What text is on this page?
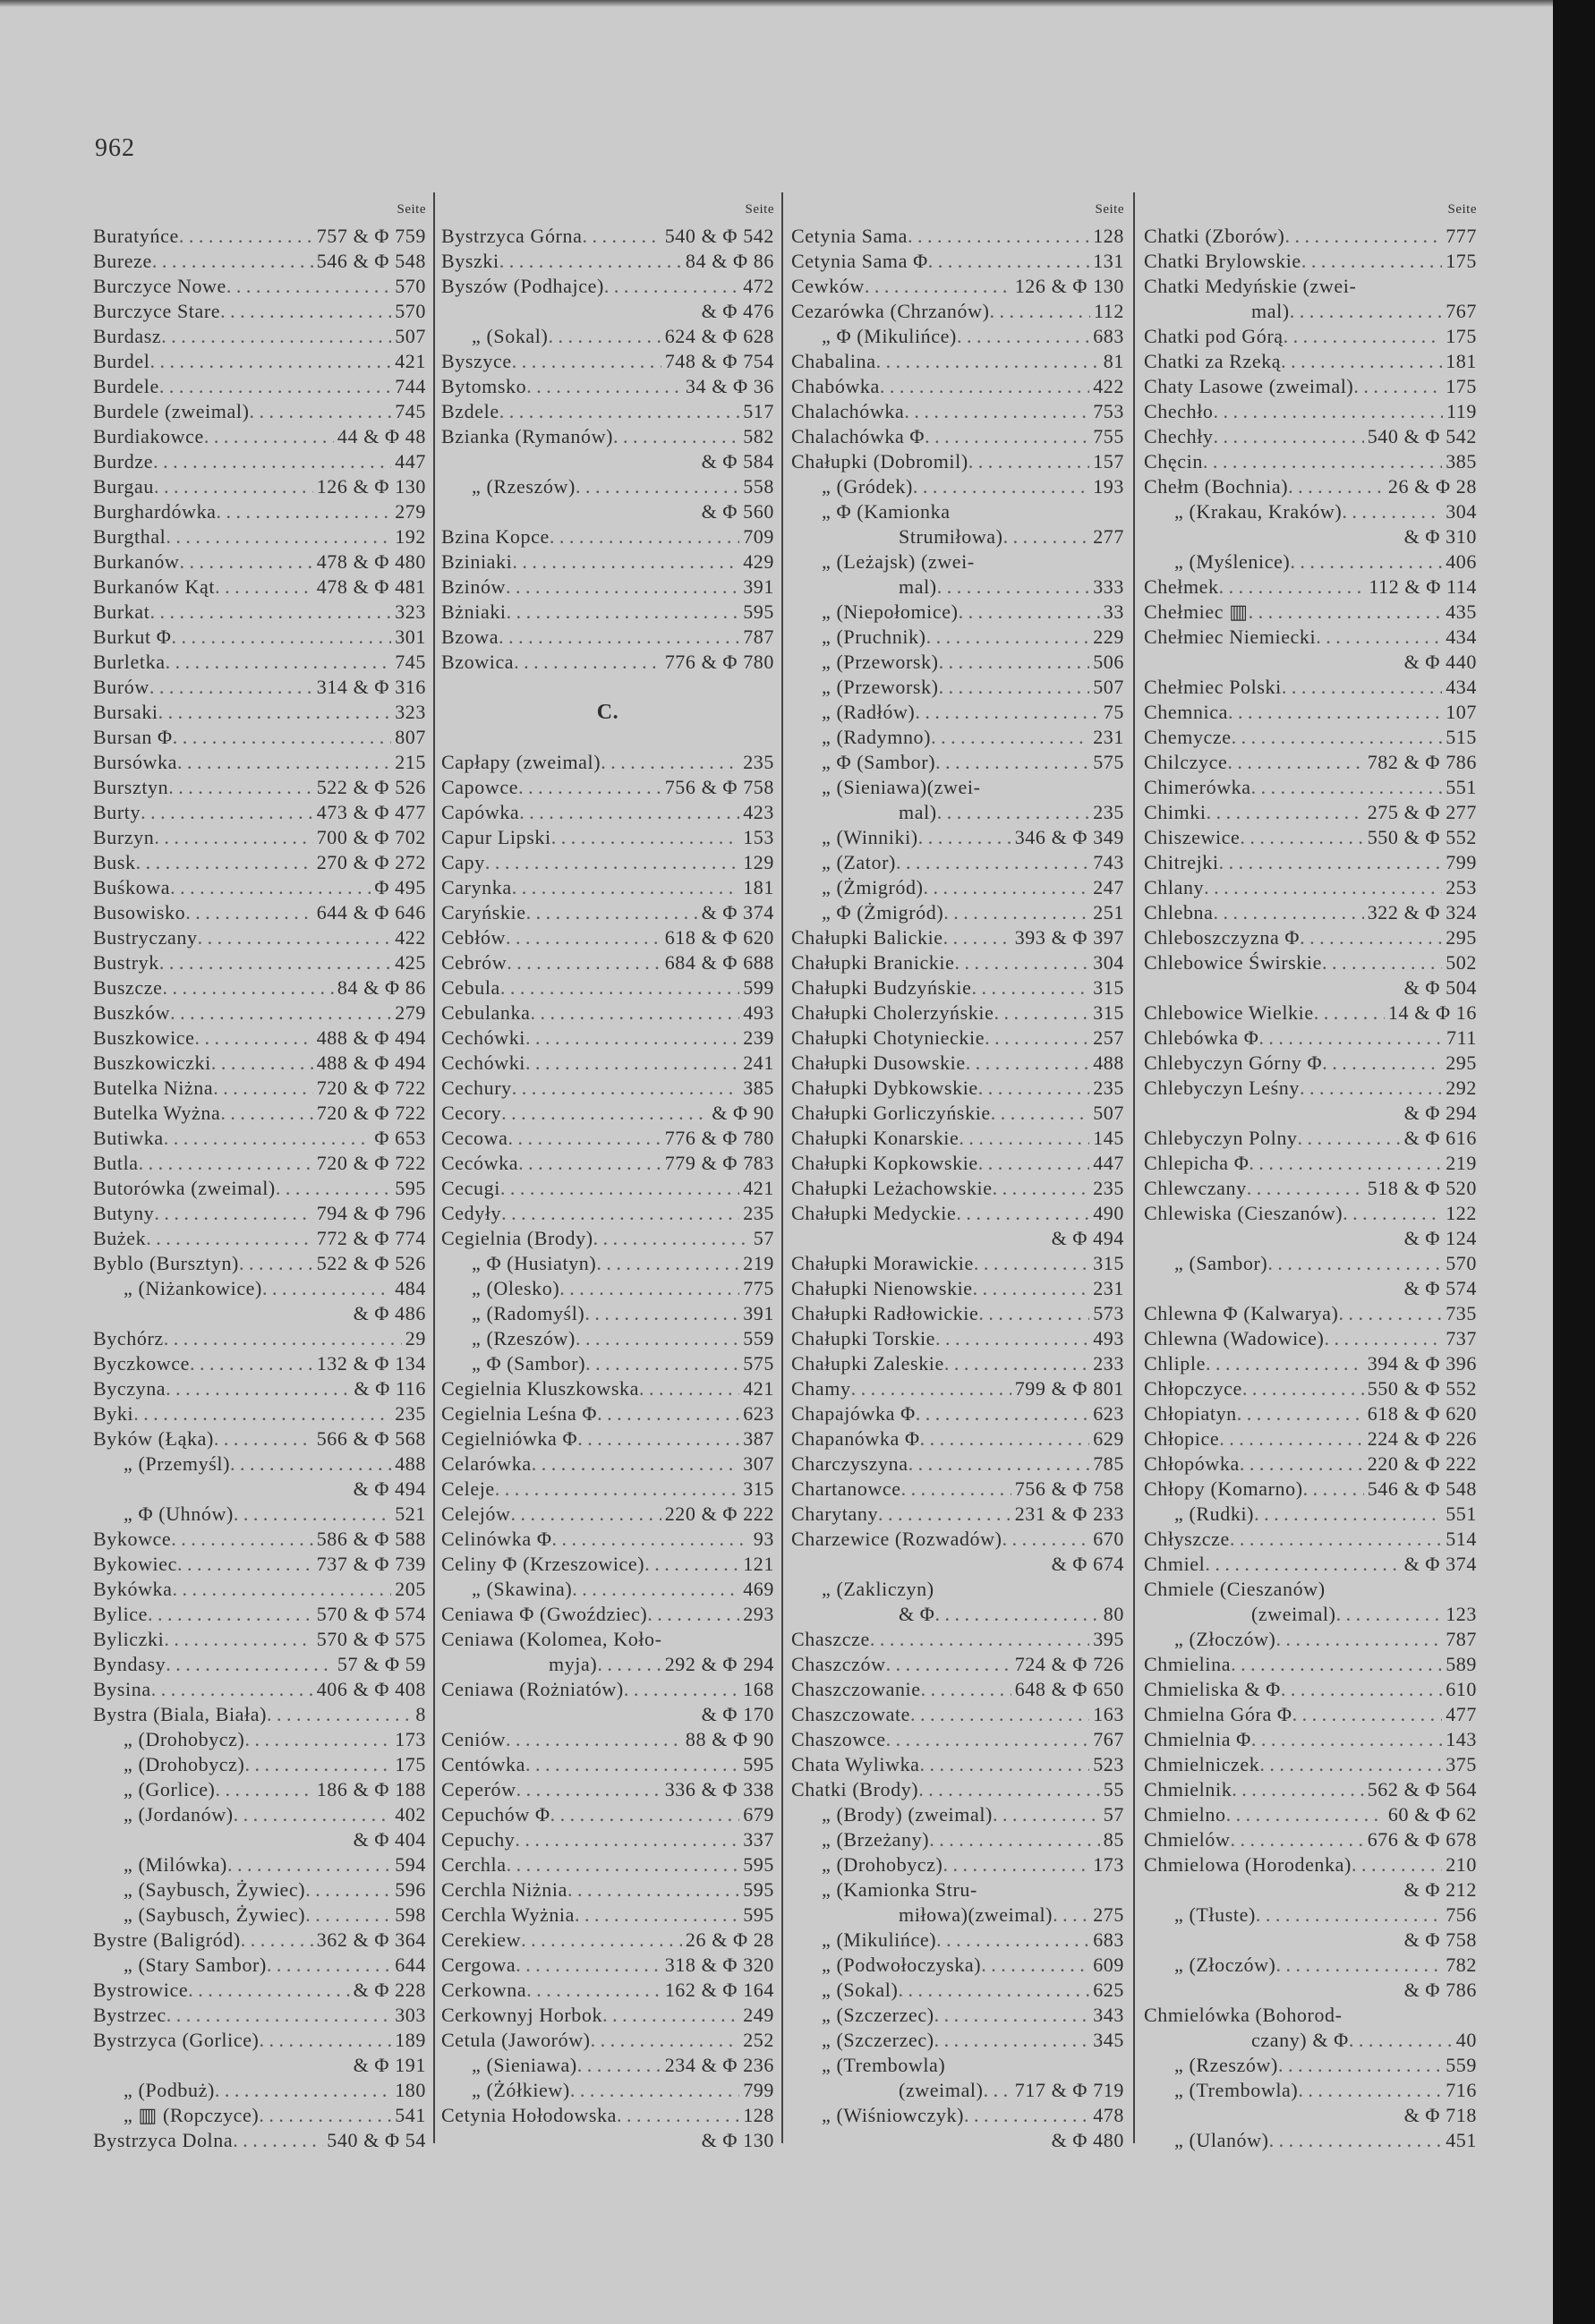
962
Seite
Buratyńce . . .	757 & Φ 759
Bureze . . .	546 & Φ 548
Burczyce Nowe . . .	570
Burczyce Stare . . .	570
Burdasz . . .	507
Burdel . . .	421
Burdele . . .	744
Burdele (zweimal) . . .	745
Burdiakowce . . .	44 & Φ 48
Burdze . . .	447
Burgau . . .	126 & Φ 130
Burghardówka . . .	279
Burgthal . . .	192
Burkanów . . .	478 & Φ 480
Burkanów Kąt . . .	478 & Φ 481
Burkat . . .	323
Burkut Φ . . .	301
Burletka . . .	745
Burów . . .	314 & Φ 316
Bursaki . . .	323
Bursan Φ . . .	807
Bursówka . . .	215
Bursztyn . . .	522 & Φ 526
Burty . . .	473 & Φ 477
Burzyn . . .	700 & Φ 702
Busk . . .	270 & Φ 272
Buśkowa . . .	Φ 495
Busowisko . . .	644 & Φ 646
Bustryczany . . .	422
Bustryk . . .	425
Buszcze . . .	84 & Φ 86
Buszków . . .	279
Buszkowice . . .	488 & Φ 494
Buszkowiczki . . .	488 & Φ 494
Butelka Niżna . . .	720 & Φ 722
Butelka Wyżna . . .	720 & Φ 722
Butiwka . . .	Φ 653
Butla . . .	720 & Φ 722
Butorówka (zweimal) . . .	595
Butyny . . .	794 & Φ 796
Bużek . . .	772 & Φ 774
Byblo (Bursztyn) . . .	522 & Φ 526
„ (Niżankowice) . . .	484
& Φ 486
Bychórz . . .	29
Byczkowce . . .	132 & Φ 134
Byczyna . . .	& Φ 116
Byki . . .	235
Byków (Łąka) . . .	566 & Φ 568
„ (Przemyśl) . . .	488
& Φ 494
„ Φ (Uhnów) . . .	521
Bykowce . . .	586 & Φ 588
Bykowiec . . .	737 & Φ 739
Bykówka . . .	205
Bylice . . .	570 & Φ 574
Byliczki . . .	570 & Φ 575
Byndasy . . .	57 & Φ 59
Bysina . . .	406 & Φ 408
Bystra (Biala, Biała) . . .	8
„ (Drohobycz) . . .	173
„ (Drohobycz) . . .	175
„ (Gorlice) . . .	186 & Φ 188
„ (Jordanów) . . .	402
& Φ 404
„ (Milówka) . . .	594
„ (Saybusch, Żywiec) . . .	596
„ (Saybusch, Żywiec) . . .	598
Bystre (Baligród) . . .	362 & Φ 364
„ (Stary Sambor) . . .	644
Bystrowice . . .	& Φ 228
Bystrzec . . .	303
Bystrzyca (Gorlice) . . .	189
& Φ 191
„ (Podbuż) . . .	180
„ ▥ (Ropczyce) . . .	541
Bystrzyca Dolna . . .	540 & Φ 54
Seite
Bystrzyca Górna . . .	540 & Φ 542
Byszki . . .	84 & Φ 86
Byszów (Podhajce) . . .	472
& Φ 476
„ (Sokal) . . .	624 & Φ 628
Byszyce . . .	748 & Φ 754
Bytomsko . . .	34 & Φ 36
Bzdele . . .	517
Bzianka (Rymanów) . . .	582
& Φ 584
„ (Rzeszów) . . .	558
& Φ 560
Bzina Kopce . . .	709
Bziniaki . . .	429
Bzinów . . .	391
Bżniaki . . .	595
Bzowa . . .	787
Bzowica . . .	776 & Φ 780
C.
Capłapy (zweimal) . . .	235
Capowce . . .	756 & Φ 758
Capówka . . .	423
Capur Lipski . . .	153
Capy . . .	129
Carynka . . .	181
Caryńskie . . .	& Φ 374
Cebłów . . .	618 & Φ 620
Cebrów . . .	684 & Φ 688
Cebula . . .	599
Cebulanka . . .	493
Cechówki . . .	239
Cechówki . . .	241
Cechury . . .	385
Cecory . . .	& Φ 90
Cecowa . . .	776 & Φ 780
Cecówka . . .	779 & Φ 783
Cecugi . . .	421
Cedyły . . .	235
Cegielnia (Brody) . . .	57
„ Φ (Husiatyn) . . .	219
„ (Olesko) . . .	775
„ (Radomyśl) . . .	391
„ (Rzeszów) . . .	559
„ Φ (Sambor) . . .	575
Cegielnia Kluszkowska . . .	421
Cegielnia Leśna Φ . . .	623
Cegielniówka Φ . . .	387
Celarówka . . .	307
Celeje . . .	315
Celejów . . .	220 & Φ 222
Celinówka Φ . . .	93
Celiny Φ (Krzeszowice) . . .	121
„ (Skawina) . . .	469
Ceniawa Φ (Gwoździec) . . .	293
Ceniawa (Kolomea, Koło-
myja) . . .	292 & Φ 294
Ceniawa (Rożniatów) . . .	168
& Φ 170
Ceniów . . .	88 & Φ 90
Centówka . . .	595
Ceperów . . .	336 & Φ 338
Cepuchów Φ . . .	679
Cepuchy . . .	337
Cerchla . . .	595
Cerchla Niżnia . . .	595
Cerchla Wyżnia . . .	595
Cerekiew . . .	26 & Φ 28
Cergowa . . .	318 & Φ 320
Cerkowna . . .	162 & Φ 164
Cerkownyj Horbok . . .	249
Cetula (Jaworów) . . .	252
„ (Sieniawa) . . .	234 & Φ 236
„ (Żółkiew) . . .	799
Cetynia Hołodowska . . .	128
& Φ 130
Seite
Cetynia Sama . . .	128
Cetynia Sama Φ . . .	131
Cewków . . .	126 & Φ 130
Cezarówka (Chrzanów) . . .	112
„ Φ (Mikulińce) . . .	683
Chabalina . . .	81
Chabówka . . .	422
Chalachówka . . .	753
Chalachówka Φ . . .	755
Chałupki (Dobromil) . . .	157
„ (Gródek) . . .	193
„ Φ (Kamionka
Strumiłowa) . . .	277
„ (Leżajsk) (zwei-
mal) . . .	333
„ (Niepołomice) . . .	33
„ (Pruchnik) . . .	229
„ (Przeworsk) . . .	506
„ (Przeworsk) . . .	507
„ (Radłów) . . .	75
„ (Radymno) . . .	231
„ Φ (Sambor) . . .	575
„ (Sieniawa)(zwei-
mal) . . .	235
„ (Winniki) . . .	346 & Φ 349
„ (Zator) . . .	743
„ (Żmigród) . . .	247
„ Φ (Żmigród) . . .	251
Chałupki Balickie . . .	393 & Φ 397
Chałupki Branickie . . .	304
Chałupki Budzyńskie . . .	315
Chałupki Cholerzyńskie . . .	315
Chałupki Chotynieckie . . .	257
Chałupki Dusowskie . . .	488
Chałupki Dybkowskie . . .	235
Chałupki Gorliczyńskie . . .	507
Chałupki Konarskie . . .	145
Chałupki Kopkowskie . . .	447
Chałupki Leżachowskie . . .	235
Chałupki Medyckie . . .	490
& Φ 494
Chałupki Morawickie . . .	315
Chałupki Nienowskie . . .	231
Chałupki Radłowickie . . .	573
Chałupki Torskie . . .	493
Chałupki Zaleskie . . .	233
Chamy . . .	799 & Φ 801
Chapajówka Φ . . .	623
Chapanówka Φ . . .	629
Charczyszyna . . .	785
Chartanowce . . .	756 & Φ 758
Charytany . . .	231 & Φ 233
Charzewice (Rozwadów) . . .	670
& Φ 674
„ (Zakliczyn)
& Φ . . .	80
Chaszcze . . .	395
Chaszczów . . .	724 & Φ 726
Chaszczowanie . . .	648 & Φ 650
Chaszczowate . . .	163
Chaszowce . . .	767
Chata Wyliwka . . .	523
Chatki (Brody) . . .	55
„ (Brody) (zweimal) . . .	57
„ (Brzeżany) . . .	85
„ (Drohobycz) . . .	173
„ (Kamionka Stru-
miłowa)(zweimal) . . . 275
„ (Mikulińce) . . .	683
„ (Podwołoczyska) . . .	609
„ (Sokal) . . .	625
„ (Szczerzec) . . .	343
„ (Szczerzec) . . .	345
„ (Trembowla)
(zweimal) . . . 717 & Φ 719
„ (Wiśniowczyk) . . .	478
& Φ 480
Seite
Chatki (Zborów) . . .	777
Chatki Brylowskie . . .	175
Chatki Medyńskie (zwei-
mal) . . .	767
Chatki pod Górą . . .	175
Chatki za Rzeką . . .	181
Chaty Lasowe (zweimal) . . .	175
Chechło . . .	119
Chechły . . .	540 & Φ 542
Chęcin . . .	385
Chełm (Bochnia) . . .	26 & Φ 28
„ (Krakau, Kraków) . . .	304
& Φ 310
„ (Myślenice) . . .	406
Chełmek . . .	112 & Φ 114
Chełmiec ▥ . . .	435
Chełmiec Niemiecki . . .	434
& Φ 440
Chełmiec Polski . . .	434
Chemnica . . .	107
Chemycze . . .	515
Chilczyce . . .	782 & Φ 786
Chimerówka . . .	551
Chimki . . .	275 & Φ 277
Chiszewice . . .	550 & Φ 552
Chitrejki . . .	799
Chlany . . .	253
Chlebna . . .	322 & Φ 324
Chleboszczyzna Φ . . .	295
Chlebowice Świrskie . . .	502
& Φ 504
Chlebowice Wielkie . . .	14 & Φ 16
Chlebówka Φ . . .	711
Chlebyczyn Górny Φ . . .	295
Chlebyczyn Leśny . . .	292
& Φ 294
Chlebyczyn Polny . . .	& Φ 616
Chlepicha Φ . . .	219
Chlewczany . . .	518 & Φ 520
Chlewiska (Cieszanów) . . .	122
& Φ 124
„ (Sambor) . . .	570
& Φ 574
Chlewna Φ (Kalwarya) . . .	735
Chlewna (Wadowice) . . .	737
Chliple . . .	394 & Φ 396
Chłopczyce . . .	550 & Φ 552
Chłopiatyn . . .	618 & Φ 620
Chłopice . . .	224 & Φ 226
Chłopówka . . .	220 & Φ 222
Chłopy (Komarno) . . .	546 & Φ 548
„ (Rudki) . . .	551
Chłyszcze . . .	514
Chmiel . . .	& Φ 374
Chmiele (Cieszanów)
(zweimal) . . .	123
„ (Złoczów) . . .	787
Chmielina . . .	589
Chmieliska & Φ . . .	610
Chmielna Góra Φ . . .	477
Chmielnia Φ . . .	143
Chmielniczek . . .	375
Chmielnik . . .	562 & Φ 564
Chmielno . . .	60 & Φ 62
Chmielów . . .	676 & Φ 678
Chmielowa (Horodenka) . . .	210
& Φ 212
„ (Tłuste) . . .	756
& Φ 758
„ (Złoczów) . . .	782
& Φ 786
Chmielówka (Bohorod-
czany) & Φ . . .	40
„ (Rzeszów) . . .	559
„ (Trembowla) . . .	716
& Φ 718
„ (Ulanów) . . .	451
